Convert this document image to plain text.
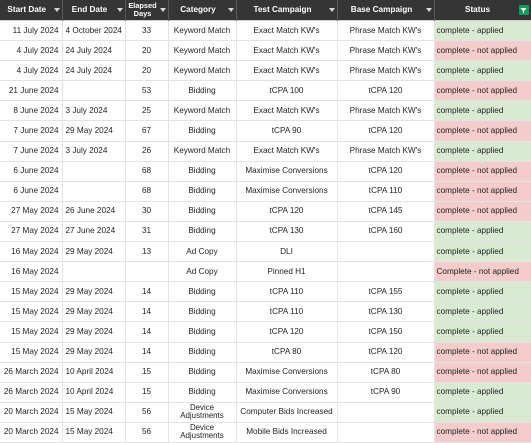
Start Date	End Date	Elapsed Days	Category	Test Campaign	Base Campaign	Status

11 July 2024	4 October 2024	33	Keyword Match	Exact Match KW's	Phrase Match KW's	complete - applied
4 July 2024	24 July 2024	20	Keyword Match	Exact Match KW's	Phrase Match KW's	complete - not applied
4 July 2024	24 July 2024	20	Keyword Match	Exact Match KW's	Phrase Match KW's	complete - applied
21 June 2024		53	Bidding	tCPA 100	tCPA 120	complete - not applied
8 June 2024	3 July 2024	25	Keyword Match	Exact Match KW's	Phrase Match KW's	complete - applied
7 June 2024	29 May 2024	67	Bidding	tCPA 90	tCPA 120	complete - not applied
7 June 2024	3 July 2024	26	Keyword Match	Exact Match KW's	Phrase Match KW's	complete - applied
6 June 2024		68	Bidding	Maximise Conversions	tCPA 120	complete - not applied
6 June 2024		68	Bidding	Maximise Conversions	tCPA 110	complete - not applied
27 May 2024	26 June 2024	30	Bidding	tCPA 120	tCPA 145	complete - not applied
27 May 2024	27 June 2024	31	Bidding	tCPA 130	tCPA 160	complete - applied
16 May 2024	29 May 2024	13	Ad Copy	DLI		complete - applied
16 May 2024			Ad Copy	Pinned H1		Complete - not applied
15 May 2024	29 May 2024	14	Bidding	tCPA 110	tCPA 155	complete - applied
15 May 2024	29 May 2024	14	Bidding	tCPA 110	tCPA 130	complete - applied
15 May 2024	29 May 2024	14	Bidding	tCPA 120	tCPA 150	complete - applied
15 May 2024	29 May 2024	14	Bidding	tCPA 80	tCPA 120	complete - not applied
26 March 2024	10 April 2024	15	Bidding	Maximise Conversions	tCPA 80	complete - not applied
26 March 2024	10 April 2024	15	Bidding	Maximise Conversions	tCPA 90	complete - applied
20 March 2024	15 May 2024	56	Device Adjustments	Computer Bids Increased		complete - applied
20 March 2024	15 May 2024	56	Device Adjustments	Mobile Bids Increased		complete - not applied
